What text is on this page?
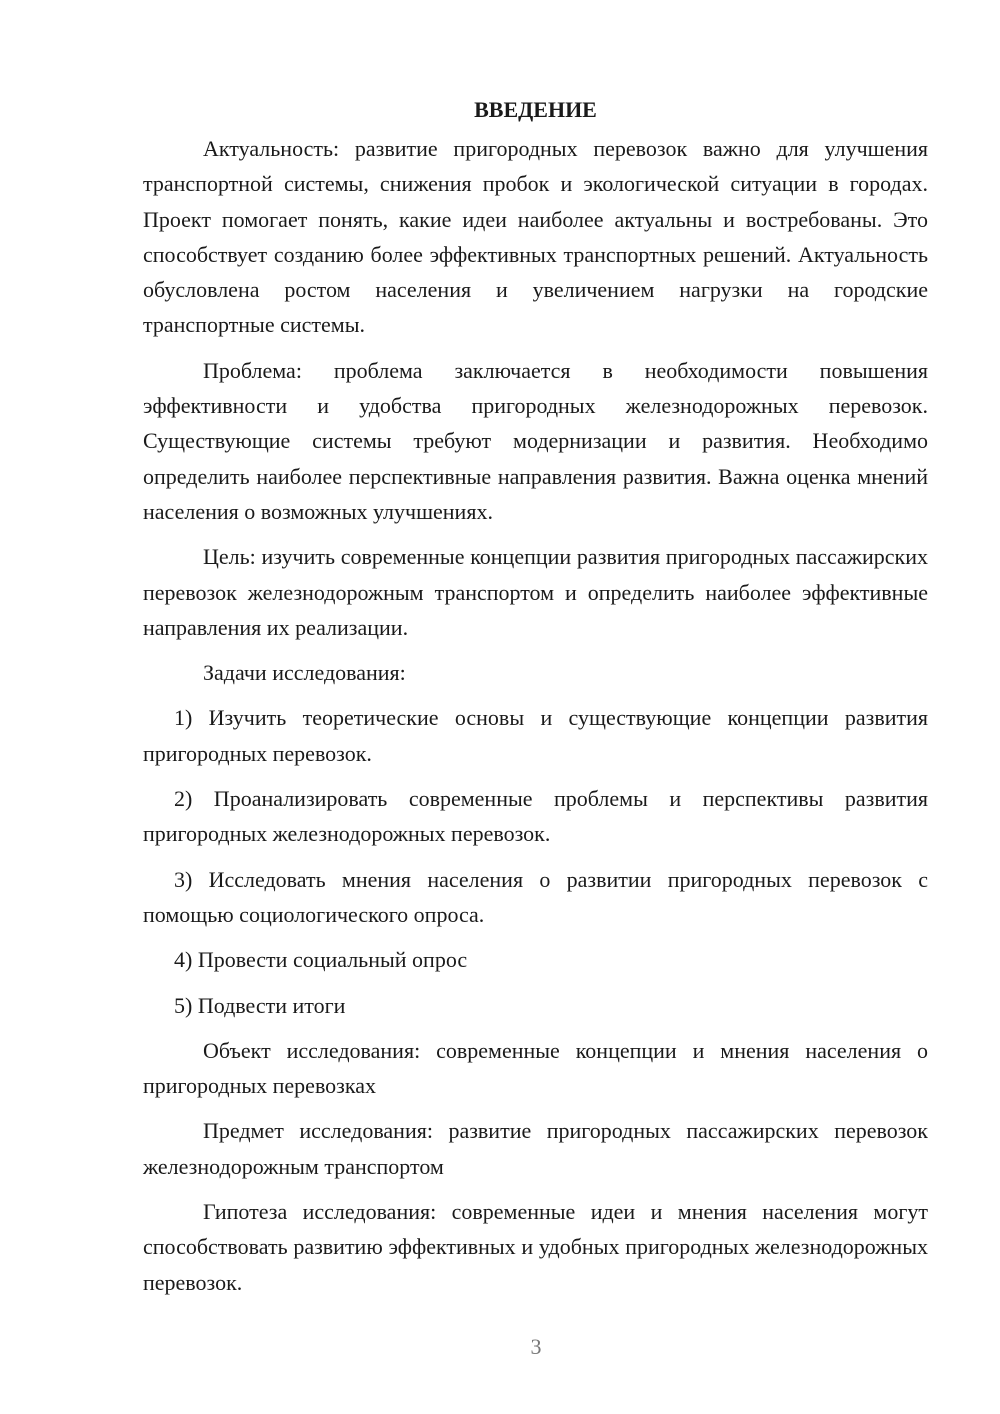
ВВЕДЕНИЕ

Актуальность: развитие пригородных перевозок важно для улучшения транспортной системы, снижения пробок и экологической ситуации в городах. Проект помогает понять, какие идеи наиболее актуальны и востребованы. Это способствует созданию более эффективных транспортных решений. Актуальность обусловлена ростом населения и увеличением нагрузки на городские транспортные системы.

Проблема: проблема заключается в необходимости повышения эффективности и удобства пригородных железнодорожных перевозок. Существующие системы требуют модернизации и развития. Необходимо определить наиболее перспективные направления развития. Важна оценка мнений населения о возможных улучшениях.

Цель: изучить современные концепции развития пригородных пассажирских перевозок железнодорожным транспортом и определить наиболее эффективные направления их реализации.

Задачи исследования:

1) Изучить теоретические основы и существующие концепции развития пригородных перевозок.

2) Проанализировать современные проблемы и перспективы развития пригородных железнодорожных перевозок.

3) Исследовать мнения населения о развитии пригородных перевозок с помощью социологического опроса.

4) Провести социальный опрос

5) Подвести итоги

Объект исследования: современные концепции и мнения населения о пригородных перевозках

Предмет исследования: развитие пригородных пассажирских перевозок железнодорожным транспортом

Гипотеза исследования: современные идеи и мнения населения могут способствовать развитию эффективных и удобных пригородных железнодорожных перевозок.

3
